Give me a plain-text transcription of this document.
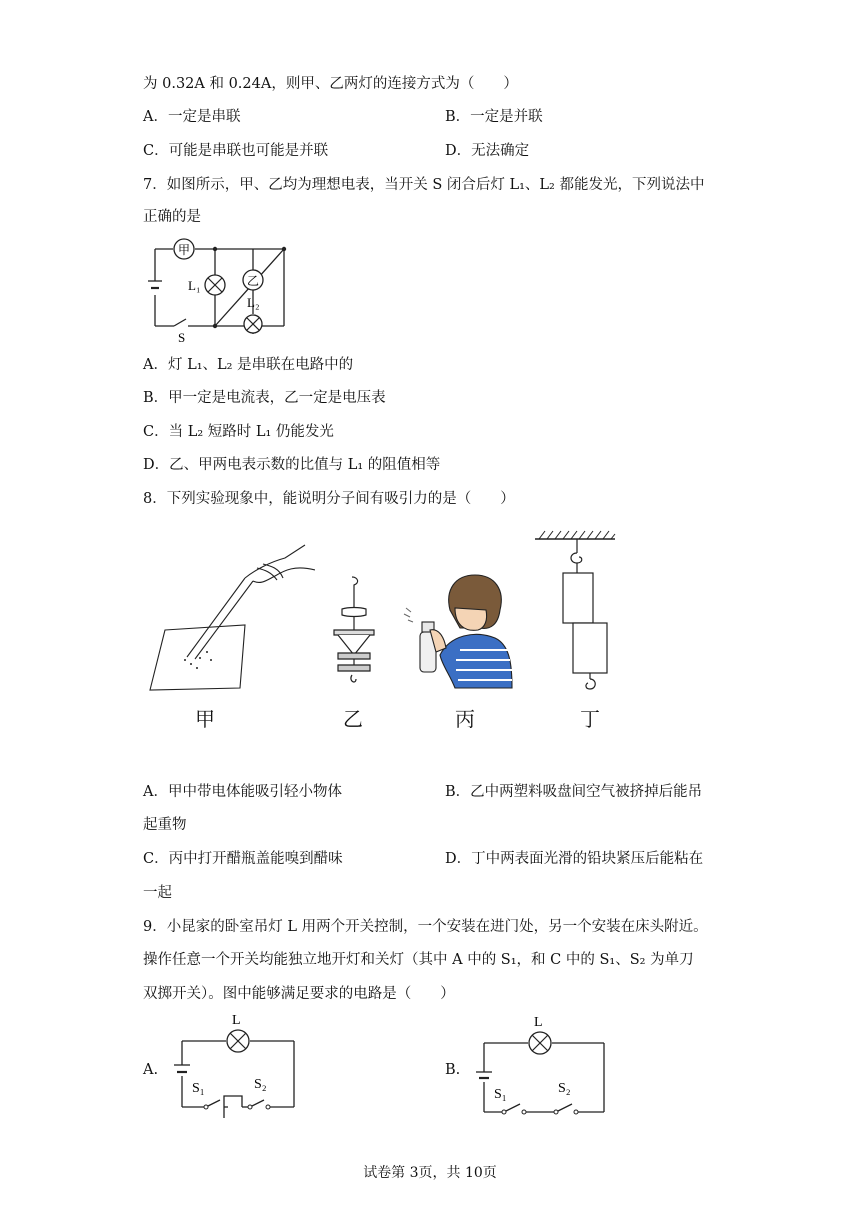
为 0.32A 和 0.24A，则甲、乙两灯的连接方式为（　　）
A．一定是串联	B．一定是并联
C．可能是串联也可能是并联	D．无法确定
7．如图所示，甲、乙均为理想电表，当开关 S 闭合后灯 L₁、L₂ 都能发光，下列说法中
正确的是
甲
L₁	乙
L₂
S
A．灯 L₁、L₂ 是串联在电路中的
B．甲一定是电流表，乙一定是电压表
C．当 L₂ 短路时 L₁ 仍能发光
D．乙、甲两电表示数的比值与 L₁ 的阻值相等
8．下列实验现象中，能说明分子间有吸引力的是（　　）
甲	乙	丙	丁
A．甲中带电体能吸引轻小物体	B．乙中两塑料吸盘间空气被挤掉后能吊
起重物
C．丙中打开醋瓶盖能嗅到醋味	D．丁中两表面光滑的铅块紧压后能粘在
一起
9．小昆家的卧室吊灯 L 用两个开关控制，一个安装在进门处，另一个安装在床头附近。
操作任意一个开关均能独立地开灯和关灯（其中 A 中的 S₁，和 C 中的 S₁、S₂ 为单刀
双掷开关）。图中能够满足要求的电路是（　　）
A.
L
S₁	S₂
B.
L
S₁	S₂
试卷第 3页，共 10页
